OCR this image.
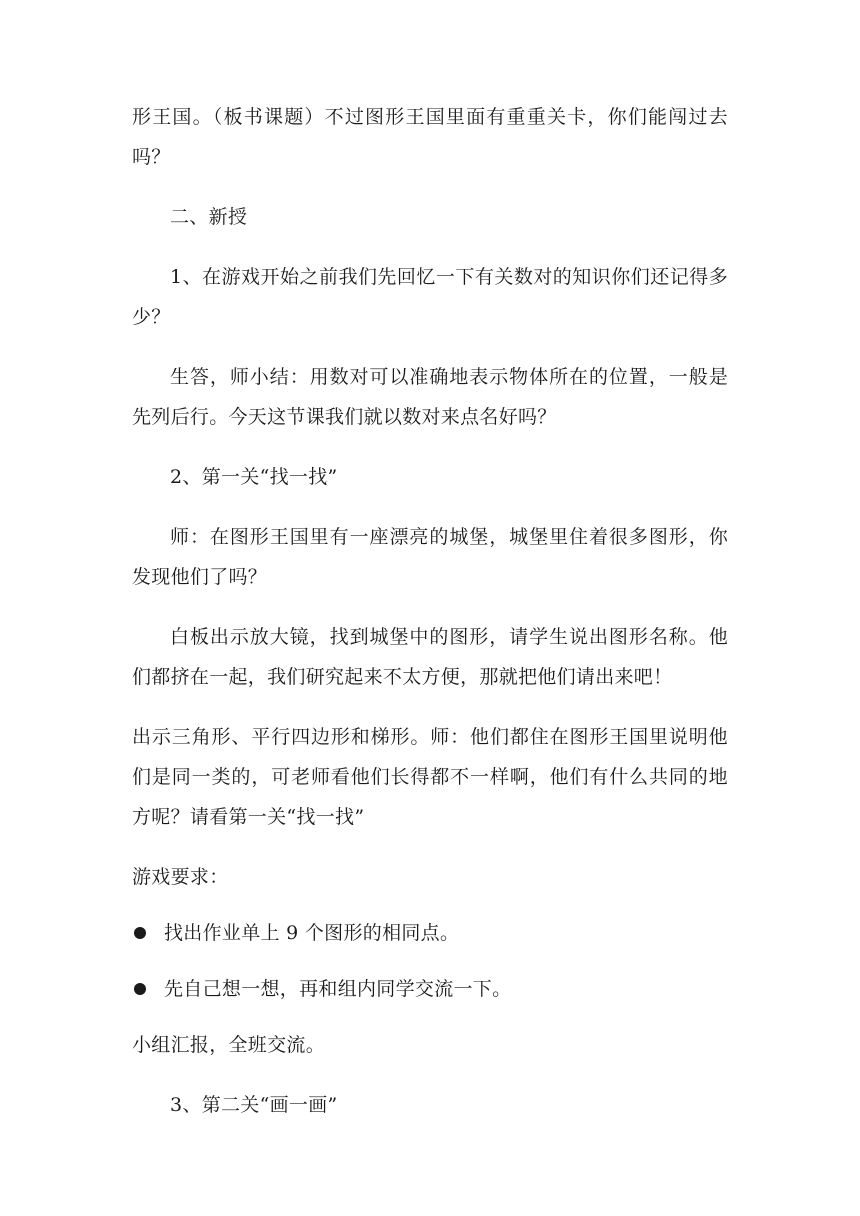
形王国。（板书课题）不过图形王国里面有重重关卡，你们能闯过去吗？

二、新授

1、在游戏开始之前我们先回忆一下有关数对的知识你们还记得多少？

生答，师小结：用数对可以准确地表示物体所在的位置，一般是先列后行。今天这节课我们就以数对来点名好吗？

2、第一关“找一找”

师：在图形王国里有一座漂亮的城堡，城堡里住着很多图形，你发现他们了吗？

白板出示放大镜，找到城堡中的图形，请学生说出图形名称。他们都挤在一起，我们研究起来不太方便，那就把他们请出来吧！

出示三角形、平行四边形和梯形。师：他们都住在图形王国里说明他们是同一类的，可老师看他们长得都不一样啊，他们有什么共同的地方呢？请看第一关“找一找”

游戏要求：

找出作业单上 9 个图形的相同点。
先自己想一想，再和组内同学交流一下。

小组汇报，全班交流。

3、第二关“画一画”
